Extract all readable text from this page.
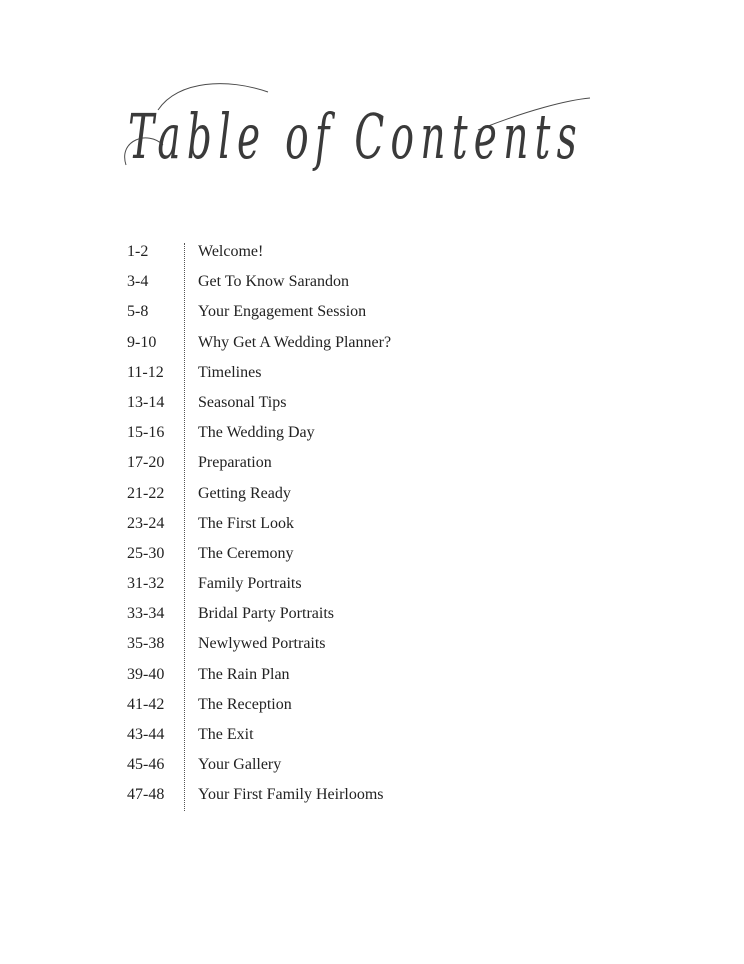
Table of Contents
1-2	Welcome!
3-4	Get To Know Sarandon
5-8	Your Engagement Session
9-10	Why Get A Wedding Planner?
11-12	Timelines
13-14	Seasonal Tips
15-16	The Wedding Day
17-20	Preparation
21-22	Getting Ready
23-24	The First Look
25-30	The Ceremony
31-32	Family Portraits
33-34	Bridal Party Portraits
35-38	Newlywed Portraits
39-40	The Rain Plan
41-42	The Reception
43-44	The Exit
45-46	Your Gallery
47-48	Your First Family Heirlooms
